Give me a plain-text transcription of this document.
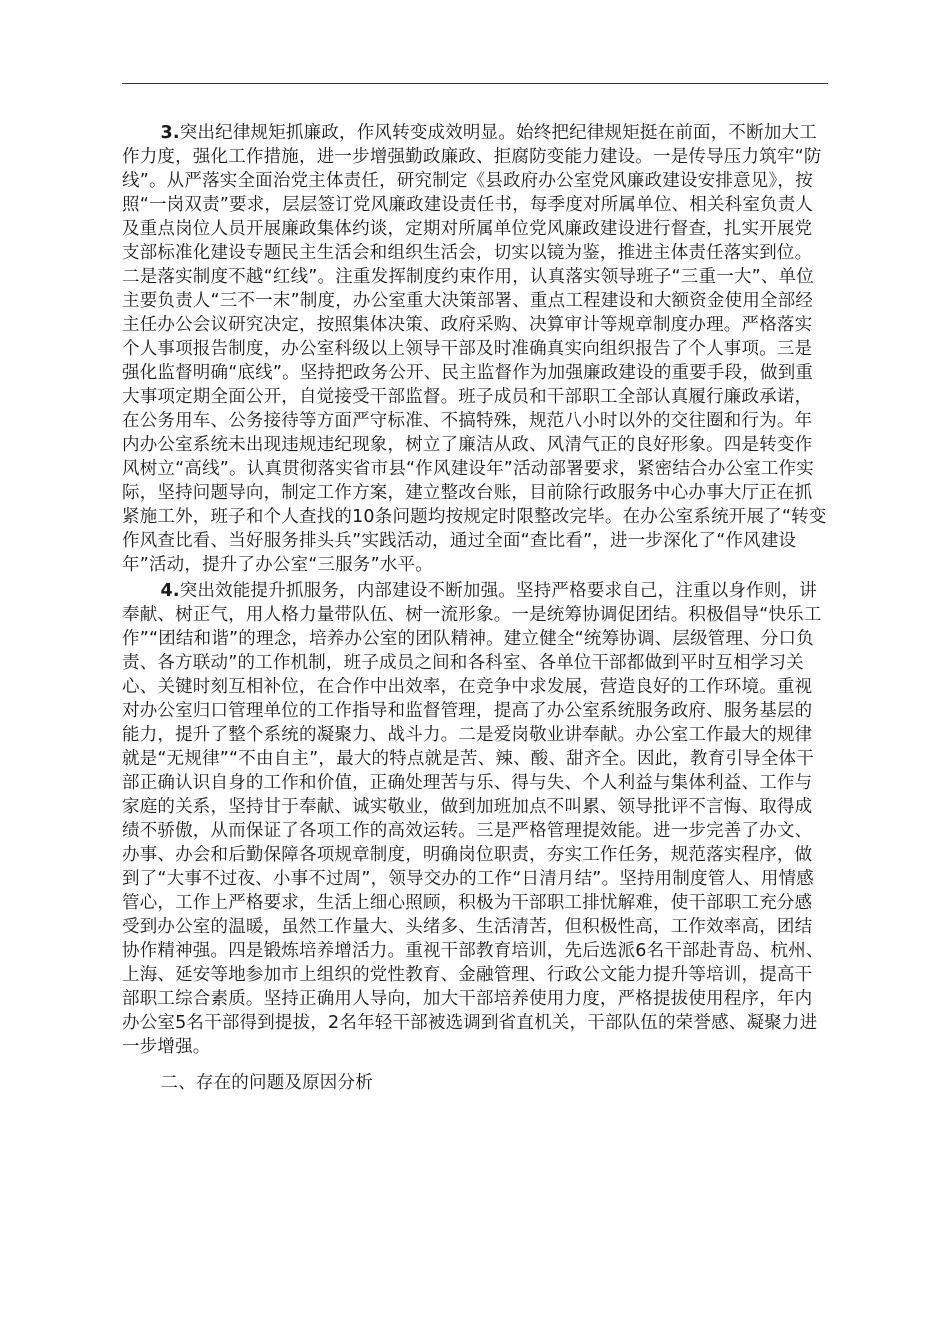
3.突出纪律规矩抓廉政，作风转变成效明显。始终把纪律规矩挺在前面，不断加大工作力度，强化工作措施，进一步增强勤政廉政、拒腐防变能力建设。一是传导压力筑牢“防线”。从严落实全面治党主体责任，研究制定《县政府办公室党风廉政建设安排意见》，按照“一岗双责”要求，层层签订党风廉政建设责任书，每季度对所属单位、相关科室负责人及重点岗位人员开展廉政集体约谈，定期对所属单位党风廉政建设进行督查，扎实开展党支部标准化建设专题民主生活会和组织生活会，切实以镜为鉴，推进主体责任落实到位。二是落实制度不越“红线”。注重发挥制度约束作用，认真落实领导班子“三重一大”、单位主要负责人“三不一末”制度，办公室重大决策部署、重点工程建设和大额资金使用全部经主任办公会议研究决定，按照集体决策、政府采购、决算审计等规章制度办理。严格落实个人事项报告制度，办公室科级以上领导干部及时准确真实向组织报告了个人事项。三是强化监督明确“底线”。坚持把政务公开、民主监督作为加强廉政建设的重要手段，做到重大事项定期全面公开，自觉接受干部监督。班子成员和干部职工全部认真履行廉政承诺，在公务用车、公务接待等方面严守标准、不搞特殊，规范八小时以外的交往圈和行为。年内办公室系统未出现违规违纪现象，树立了廉洁从政、风清气正的良好形象。四是转变作风树立“高线”。认真贯彻落实省市县“作风建设年”活动部署要求，紧密结合办公室工作实际，坚持问题导向，制定工作方案，建立整改台账，目前除行政服务中心办事大厅正在抓紧施工外，班子和个人查找的10条问题均按规定时限整改完毕。在办公室系统开展了“转变作风查比看、当好服务排头兵”实践活动，通过全面“查比看”，进一步深化了“作风建设年”活动，提升了办公室“三服务”水平。

4.突出效能提升抓服务，内部建设不断加强。坚持严格要求自己，注重以身作则，讲奉献、树正气，用人格力量带队伍、树一流形象。一是统筹协调促团结。积极倡导“快乐工作”“团结和谐”的理念，培养办公室的团队精神。建立健全“统筹协调、层级管理、分口负责、各方联动”的工作机制，班子成员之间和各科室、各单位干部都做到平时互相学习关心、关键时刻互相补位，在合作中出效率，在竞争中求发展，营造良好的工作环境。重视对办公室归口管理单位的工作指导和监督管理，提高了办公室系统服务政府、服务基层的能力，提升了整个系统的凝聚力、战斗力。二是爱岗敬业讲奉献。办公室工作最大的规律就是“无规律”“不由自主”，最大的特点就是苦、辣、酸、甜齐全。因此，教育引导全体干部正确认识自身的工作和价值，正确处理苦与乐、得与失、个人利益与集体利益、工作与家庭的关系，坚持甘于奉献、诚实敬业，做到加班加点不叫累、领导批评不言悔、取得成绩不骄傲，从而保证了各项工作的高效运转。三是严格管理提效能。进一步完善了办文、办事、办会和后勤保障各项规章制度，明确岗位职责，夯实工作任务，规范落实程序，做到了“大事不过夜、小事不过周”，领导交办的工作“日清月结”。坚持用制度管人、用情感管心，工作上严格要求，生活上细心照顾，积极为干部职工排忧解难，使干部职工充分感受到办公室的温暖，虽然工作量大、头绪多、生活清苦，但积极性高，工作效率高，团结协作精神强。四是锻炼培养增活力。重视干部教育培训，先后选派6名干部赴青岛、杭州、上海、延安等地参加市上组织的党性教育、金融管理、行政公文能力提升等培训，提高干部职工综合素质。坚持正确用人导向，加大干部培养使用力度，严格提拔使用程序，年内办公室5名干部得到提拔，2名年轻干部被选调到省直机关，干部队伍的荣誉感、凝聚力进一步增强。

二、存在的问题及原因分析
